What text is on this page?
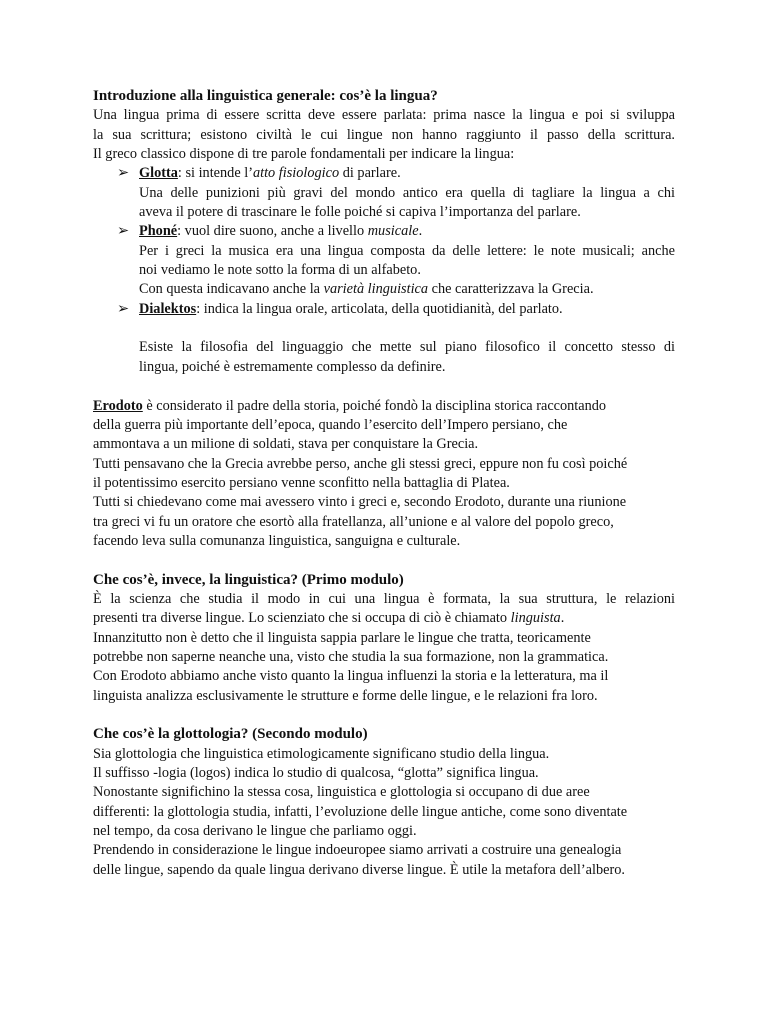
Introduzione alla linguistica generale: cos’è la lingua?
Una lingua prima di essere scritta deve essere parlata: prima nasce la lingua e poi si sviluppa
la sua scrittura; esistono civiltà le cui lingue non hanno raggiunto il passo della scrittura.
Il greco classico dispone di tre parole fondamentali per indicare la lingua:
➢ Glotta: si intende l’atto fisiologico di parlare.
Una delle punizioni più gravi del mondo antico era quella di tagliare la lingua a chi
aveva il potere di trascinare le folle poiché si capiva l’importanza del parlare.
➢ Phoné: vuol dire suono, anche a livello musicale.
Per i greci la musica era una lingua composta da delle lettere: le note musicali; anche
noi vediamo le note sotto la forma di un alfabeto.
Con questa indicavano anche la varietà linguistica che caratterizzava la Grecia.
➢ Dialektos: indica la lingua orale, articolata, della quotidianità, del parlato.
Esiste la filosofia del linguaggio che mette sul piano filosofico il concetto stesso di
lingua, poiché è estremamente complesso da definire.
Erodoto è considerato il padre della storia, poiché fondò la disciplina storica raccontando
della guerra più importante dell’epoca, quando l’esercito dell’Impero persiano, che
ammontava a un milione di soldati, stava per conquistare la Grecia.
Tutti pensavano che la Grecia avrebbe perso, anche gli stessi greci, eppure non fu così poiché
il potentissimo esercito persiano venne sconfitto nella battaglia di Platea.
Tutti si chiedevano come mai avessero vinto i greci e, secondo Erodoto, durante una riunione
tra greci vi fu un oratore che esortò alla fratellanza, all’unione e al valore del popolo greco,
facendo leva sulla comunanza linguistica, sanguigna e culturale.
Che cos’è, invece, la linguistica? (Primo modulo)
È la scienza che studia il modo in cui una lingua è formata, la sua struttura, le relazioni
presenti tra diverse lingue. Lo scienziato che si occupa di ciò è chiamato linguista.
Innanzitutto non è detto che il linguista sappia parlare le lingue che tratta, teoricamente
potrebbe non saperne neanche una, visto che studia la sua formazione, non la grammatica.
Con Erodoto abbiamo anche visto quanto la lingua influenzi la storia e la letteratura, ma il
linguista analizza esclusivamente le strutture e forme delle lingue, e le relazioni fra loro.
Che cos’è la glottologia? (Secondo modulo)
Sia glottologia che linguistica etimologicamente significano studio della lingua.
Il suffisso -logia (logos) indica lo studio di qualcosa, “glotta” significa lingua.
Nonostante significhino la stessa cosa, linguistica e glottologia si occupano di due aree
differenti: la glottologia studia, infatti, l’evoluzione delle lingue antiche, come sono diventate
nel tempo, da cosa derivano le lingue che parliamo oggi.
Prendendo in considerazione le lingue indoeuropee siamo arrivati a costruire una genealogia
delle lingue, sapendo da quale lingua derivano diverse lingue. È utile la metafora dell’albero.
